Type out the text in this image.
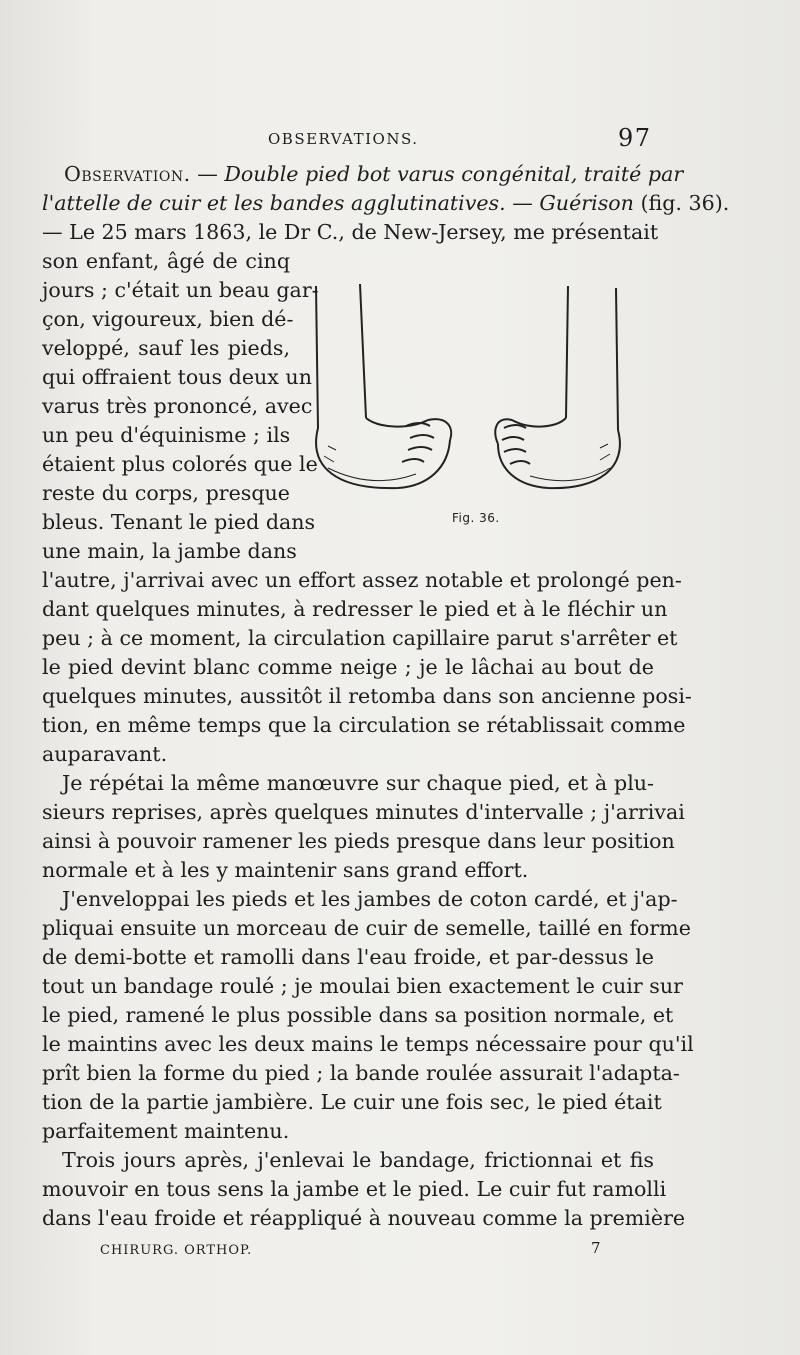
OBSERVATIONS.	97

Observation. — Double pied bot varus congénital, traité par
l'attelle de cuir et les bandes agglutinatives. — Guérison (fig. 36).
— Le 25 mars 1863, le Dr C., de New-Jersey, me présentait
son enfant, âgé de cinq
jours ; c'était un beau gar-
çon, vigoureux, bien dé-
veloppé, sauf les pieds,
qui offraient tous deux un
varus très prononcé, avec
un peu d'équinisme ; ils
étaient plus colorés que le
reste du corps, presque
bleus. Tenant le pied dans
une main, la jambe dans
l'autre, j'arrivai avec un effort assez notable et prolongé pen-
dant quelques minutes, à redresser le pied et à le fléchir un
peu ; à ce moment, la circulation capillaire parut s'arrêter et
le pied devint blanc comme neige ; je le lâchai au bout de
quelques minutes, aussitôt il retomba dans son ancienne posi-
tion, en même temps que la circulation se rétablissait comme
auparavant.

Je répétai la même manœuvre sur chaque pied, et à plu-
sieurs reprises, après quelques minutes d'intervalle ; j'arrivai
ainsi à pouvoir ramener les pieds presque dans leur position
normale et à les y maintenir sans grand effort.

J'enveloppai les pieds et les jambes de coton cardé, et j'ap-
pliquai ensuite un morceau de cuir de semelle, taillé en forme
de demi-botte et ramolli dans l'eau froide, et par-dessus le
tout un bandage roulé ; je moulai bien exactement le cuir sur
le pied, ramené le plus possible dans sa position normale, et
le maintins avec les deux mains le temps nécessaire pour qu'il
prît bien la forme du pied ; la bande roulée assurait l'adapta-
tion de la partie jambière. Le cuir une fois sec, le pied était
parfaitement maintenu.

Trois jours après, j'enlevai le bandage, frictionnai et fis
mouvoir en tous sens la jambe et le pied. Le cuir fut ramolli
dans l'eau froide et réappliqué à nouveau comme la première

Fig. 36.
CHIRURG. ORTHOP.	7
